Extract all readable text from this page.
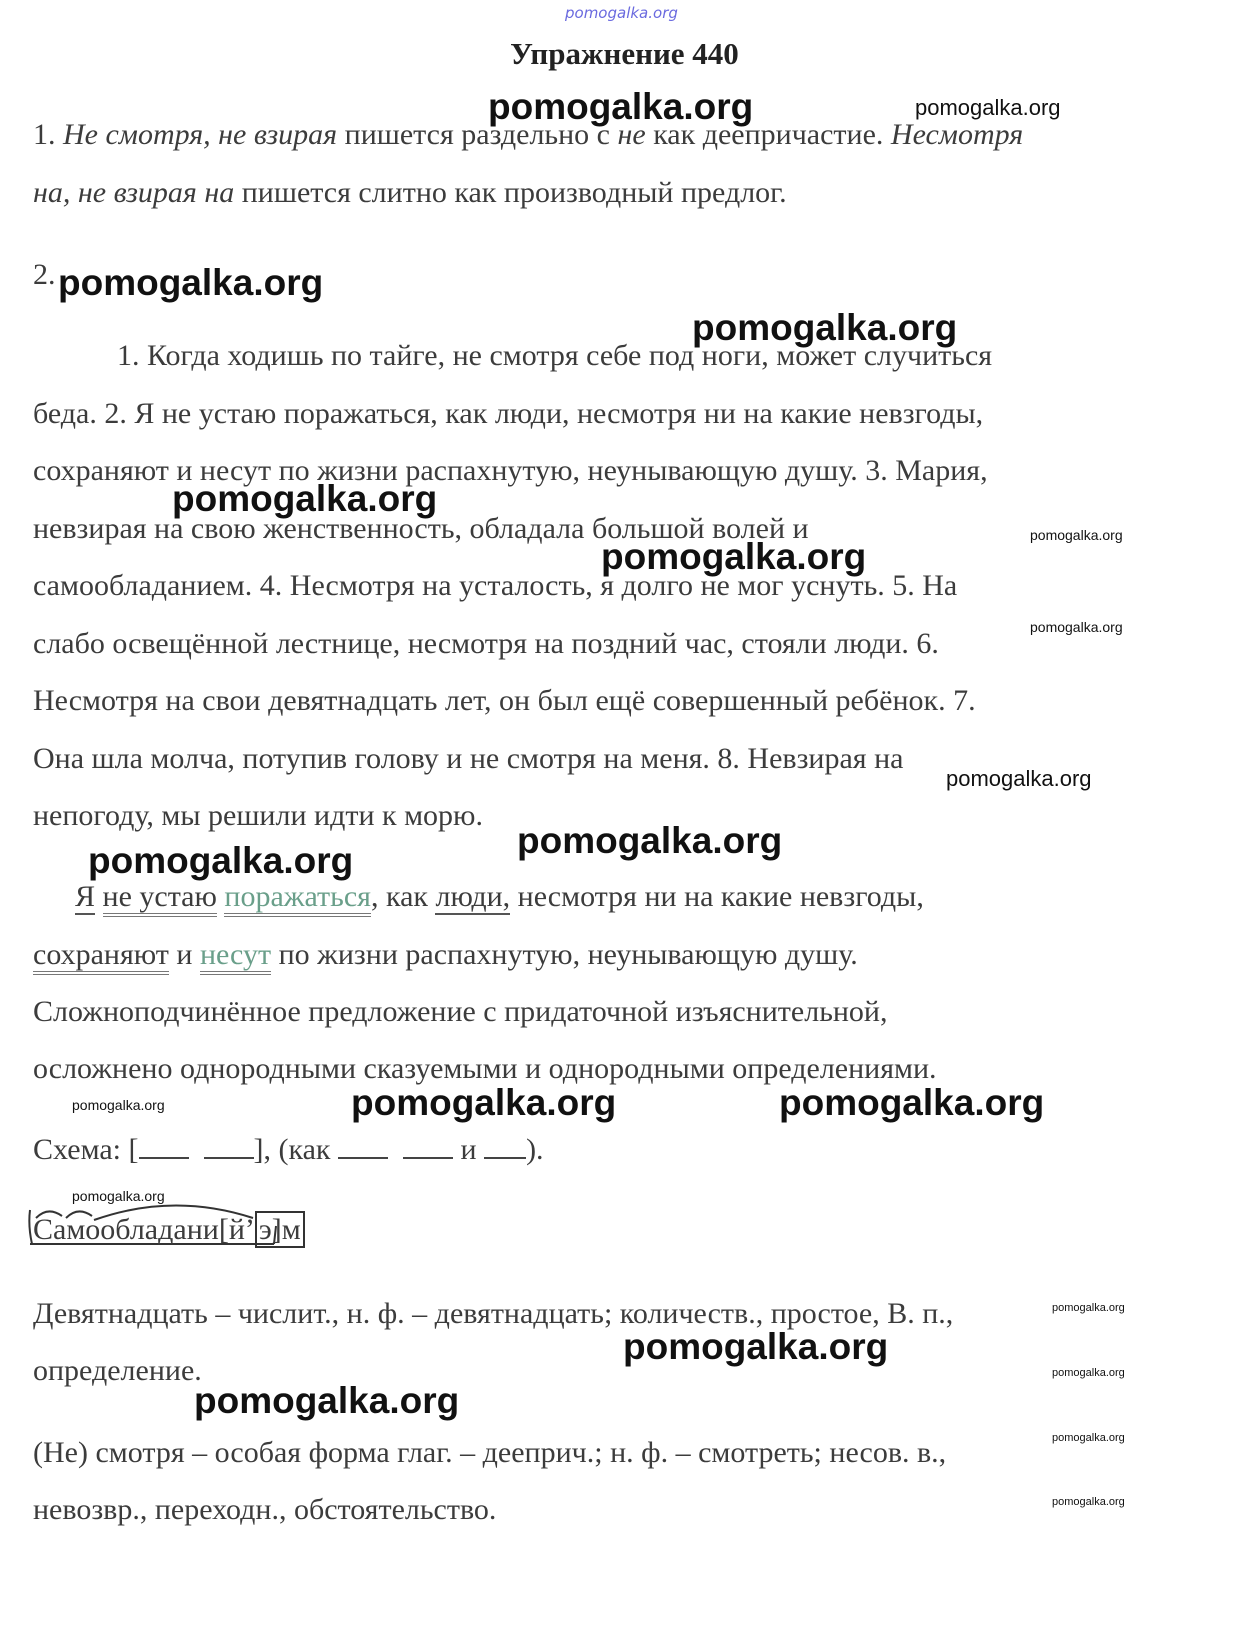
pomogalka.org
Упражнение 440
1. Не смотря, не взирая пишется раздельно с не как деепричастие. Несмотря
на, не взирая на пишется слитно как производный предлог.
2.
1. Когда ходишь по тайге, не смотря себе под ноги, может случиться
беда. 2. Я не устаю поражаться, как люди, несмотря ни на какие невзгоды,
сохраняют и несут по жизни распахнутую, неунывающую душу. 3. Мария,
невзирая на свою женственность, обладала большой волей и
самообладанием. 4. Несмотря на усталость, я долго не мог уснуть. 5. На
слабо освещённой лестнице, несмотря на поздний час, стояли люди. 6.
Несмотря на свои девятнадцать лет, он был ещё совершенный ребёнок. 7.
Она шла молча, потупив голову и не смотря на меня. 8. Невзирая на
непогоду, мы решили идти к морю.
Я не устаю поражаться, как люди, несмотря ни на какие невзгоды,
сохраняют и несут по жизни распахнутую, неунывающую душу.
Сложноподчинённое предложение с придаточной изъяснительной,
осложнено однородными сказуемыми и однородными определениями.
Схема: [	], (как	и ).
Самообладани[й’ э]м
Девятнадцать – числит., н. ф. – девятнадцать; количеств., простое, В. п.,
определение.
(Не) смотря – особая форма глаг. – дееприч.; н. ф. – смотреть; несов. в.,
невозвр., переходн., обстоятельство.
pomogalka.org	pomogalka.org
pomogalka.org
pomogalka.org
pomogalka.org
pomogalka.org
pomogalka.org
pomogalka.org
pomogalka.org
pomogalka.org
pomogalka.org
pomogalka.org	pomogalka.org	pomogalka.org
pomogalka.org
pomogalka.org
pomogalka.org
pomogalka.org
pomogalka.org
pomogalka.org
pomogalka.org
